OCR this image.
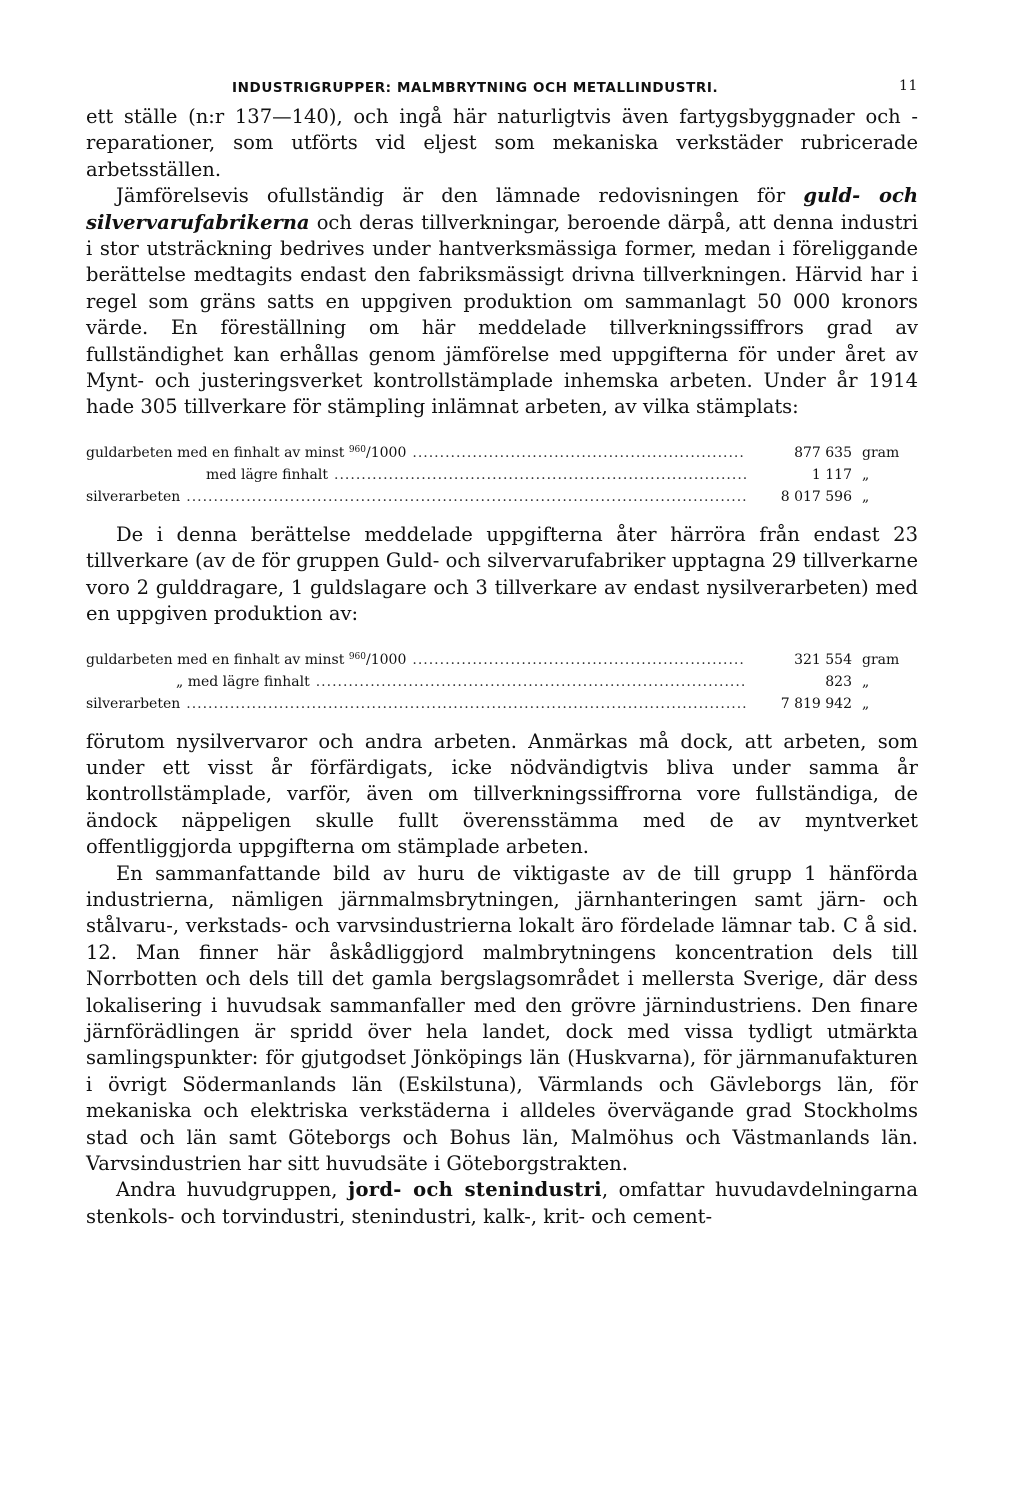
INDUSTRIGRUPPER: MALMBRYTNING OCH METALLINDUSTRI.	11

ett ställe (n:r 137—140), och ingå här naturligtvis även fartygsbyggnader och -reparationer, som utförts vid eljest som mekaniska verkstäder rubricerade arbetsställen.

Jämförelsevis ofullständig är den lämnade redovisningen för guld- och silvervarufabrikerna och deras tillverkningar, beroende därpå, att denna industri i stor utsträckning bedrives under hantverksmässiga former, medan i föreliggande berättelse medtagits endast den fabriksmässigt drivna tillverkningen. Härvid har i regel som gräns satts en uppgiven produktion om sammanlagt 50 000 kronors värde. En föreställning om här meddelade tillverkningssiffrors grad av fullständighet kan erhållas genom jämförelse med uppgifterna för under året av Mynt- och justeringsverket kontrollstämplade inhemska arbeten. Under år 1914 hade 305 tillverkare för stämpling inlämnat arbeten, av vilka stämplats:

guldarbeten med en finhalt av minst $^{960}$/1000 .....	877 635 gram
med lägre finhalt .....	1 117 „
silverarbeten .....	8 017 596 „

De i denna berättelse meddelade uppgifterna åter härröra från endast 23 tillverkare (av de för gruppen Guld- och silvervarufabriker upptagna 29 tillverkarne voro 2 gulddragare, 1 guldslagare och 3 tillverkare av endast nysilverarbeten) med en uppgiven produktion av:

guldarbeten med en finhalt av minst $^{960}$/1000 .....	321 554 gram
„ med lägre finhalt .....	823 „
silverarbeten .....	7 819 942 „

förutom nysilvervaror och andra arbeten. Anmärkas må dock, att arbeten, som under ett visst år förfärdigats, icke nödvändigtvis bliva under samma år kontrollstämplade, varför, även om tillverkningssiffrorna vore fullständiga, de ändock näppeligen skulle fullt överensstämma med de av myntverket offentliggjorda uppgifterna om stämplade arbeten.

En sammanfattande bild av huru de viktigaste av de till grupp 1 hänförda industrierna, nämligen järnmalmsbrytningen, järnhanteringen samt järn- och stålvaru-, verkstads- och varvsindustrierna lokalt äro fördelade lämnar tab. C å sid. 12. Man finner här åskådliggjord malmbrytningens koncentration dels till Norrbotten och dels till det gamla bergslagsområdet i mellersta Sverige, där dess lokalisering i huvudsak sammanfaller med den grövre järnindustriens. Den finare järnförädlingen är spridd över hela landet, dock med vissa tydligt utmärkta samlingspunkter: för gjutgodset Jönköpings län (Huskvarna), för järnmanufakturen i övrigt Södermanlands län (Eskilstuna), Värmlands och Gävleborgs län, för mekaniska och elektriska verkstäderna i alldeles övervägande grad Stockholms stad och län samt Göteborgs och Bohus län, Malmöhus och Västmanlands län. Varvsindustrien har sitt huvudsäte i Göteborgstrakten.

Andra huvudgruppen, jord- och stenindustri, omfattar huvudavdelningarna stenkols- och torvindustri, stenindustri, kalk-, krit- och cement-
